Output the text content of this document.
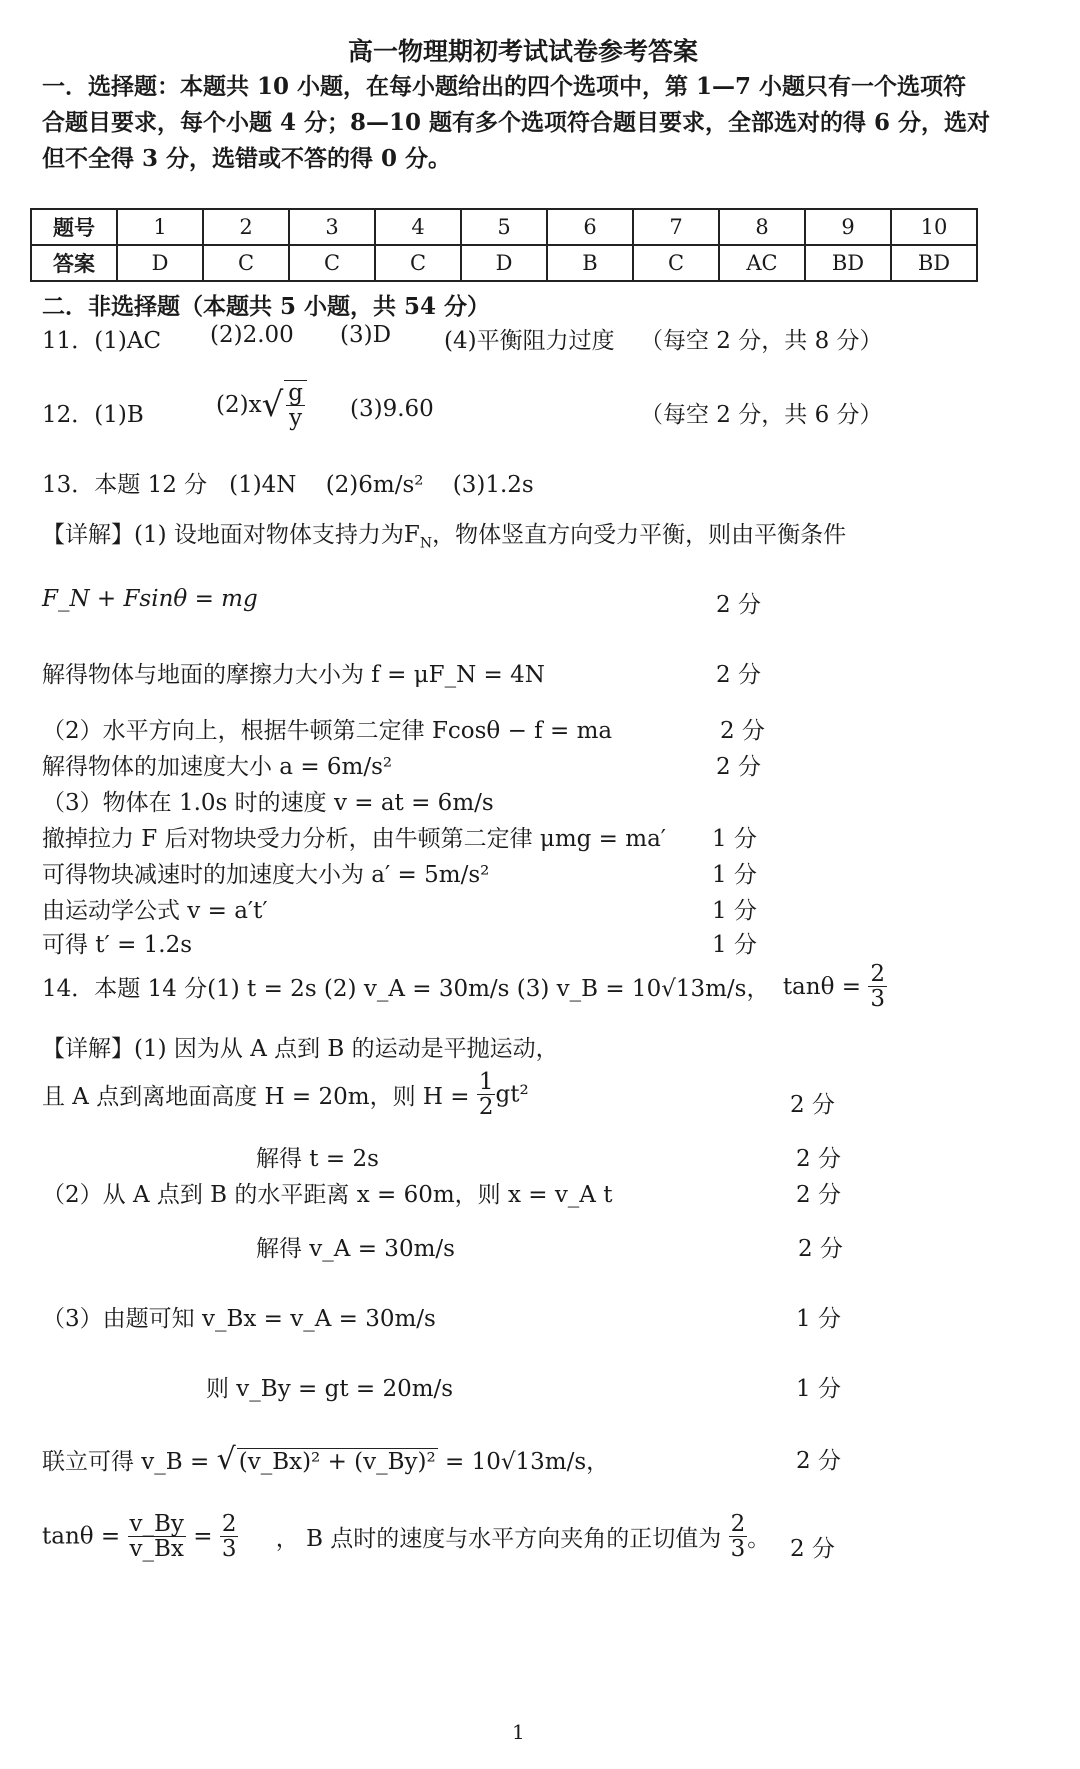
高一物理期初考试试卷参考答案
一．选择题：本题共 10 小题，在每小题给出的四个选项中，第 1—7 小题只有一个选项符
合题目要求，每个小题 4 分；8—10 题有多个选项符合题目要求，全部选对的得 6 分，选对
但不全得 3 分，选错或不答的得 0 分。
题号	1	2	3	4	5	6	7	8	9	10
答案	D	C	C	C	D	B	C	AC	BD	BD
二．非选择题（本题共 5 小题，共 54 分）
11．(1)AC (2)2.00 (3)D (4)平衡阻力过度 （每空 2 分，共 8 分）
12．(1)B	$(2)x√ \frac{g}{y} (3)9.60$	（每空 2 分，共 6 分）
13．本题 12 分 (1)4N (2)6m/s² (3)1.2s
【详解】(1) 设地面对物体支持力为$F_N$，物体竖直方向受力平衡，则由平衡条件
F_N + Fsinθ = mg	2 分
解得物体与地面的摩擦力大小为 f = μF_N = 4N	2 分
（2）水平方向上，根据牛顿第二定律 Fcosθ − f = ma	2 分
解得物体的加速度大小 a = 6m/s²	2 分
（3）物体在 1.0s 时的速度 v = at = 6m/s
撤掉拉力 F 后对物块受力分析，由牛顿第二定律 μmg = ma′ 1 分
可得物块减速时的加速度大小为 a′ = 5m/s²	1 分
由运动学公式 v = a′t′	1 分
可得 t′ = 1.2s	1 分
14．本题 14 分(1) t = 2s (2) v_A = 30m/s (3) v_B = 10√13m/s， $\tan\theta = \frac{2}{3}$
【详解】(1) 因为从 A 点到 B 的运动是平抛运动，
且 A 点到离地面高度 H = 20m，则 $H = \frac{1}{2} gt^2$	2 分
解得 t = 2s	2 分
（2）从 A 点到 B 的水平距离 x = 60m，则 x = v_A t	2 分
解得 v_A = 30m/s	2 分
（3）由题可知 v_Bx = v_A = 30m/s	1 分
则 v_By = gt = 20m/s	1 分
联立可得 v_B = √ (v_Bx)² + (v_By)² = 10√13m/s，	2 分
$\tan\theta = \frac{v\_By}{v\_Bx} = \frac{2}{3}$ ， B 点时的速度与水平方向夹角的正切值为 $\frac{2}{3}$ 。 2 分
1
